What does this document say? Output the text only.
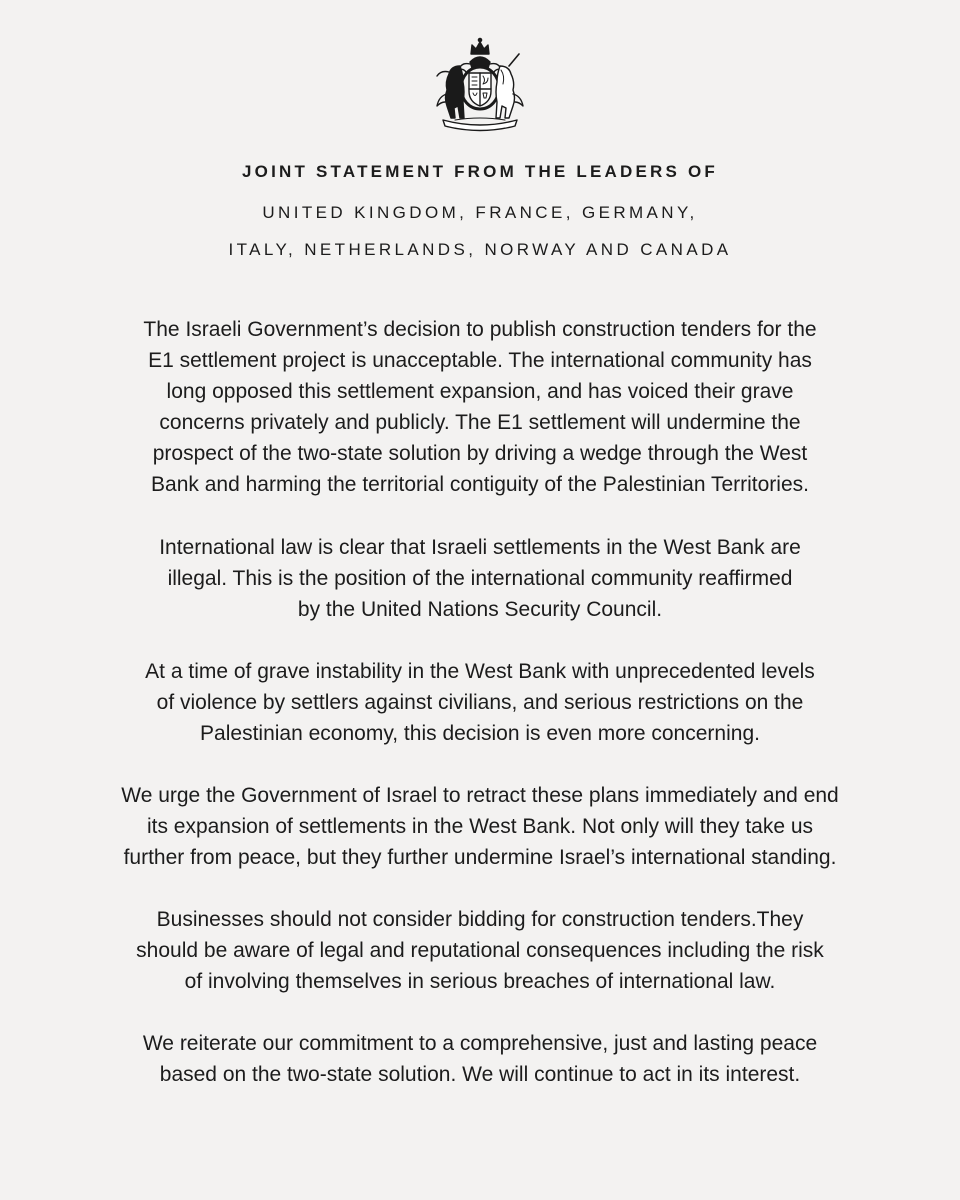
JOINT STATEMENT FROM THE LEADERS OF
UNITED KINGDOM, FRANCE, GERMANY,
ITALY, NETHERLANDS, NORWAY AND CANADA
The Israeli Government’s decision to publish construction tenders for the
E1 settlement project is unacceptable. The international community has
long opposed this settlement expansion, and has voiced their grave
concerns privately and publicly. The E1 settlement will undermine the
prospect of the two-state solution by driving a wedge through the West
Bank and harming the territorial contiguity of the Palestinian Territories.
International law is clear that Israeli settlements in the West Bank are
illegal. This is the position of the international community reaffirmed
by the United Nations Security Council.
At a time of grave instability in the West Bank with unprecedented levels
of violence by settlers against civilians, and serious restrictions on the
Palestinian economy, this decision is even more concerning.
We urge the Government of Israel to retract these plans immediately and end
its expansion of settlements in the West Bank. Not only will they take us
further from peace, but they further undermine Israel’s international standing.
Businesses should not consider bidding for construction tenders.They
should be aware of legal and reputational consequences including the risk
of involving themselves in serious breaches of international law.
We reiterate our commitment to a comprehensive, just and lasting peace
based on the two-state solution. We will continue to act in its interest.
